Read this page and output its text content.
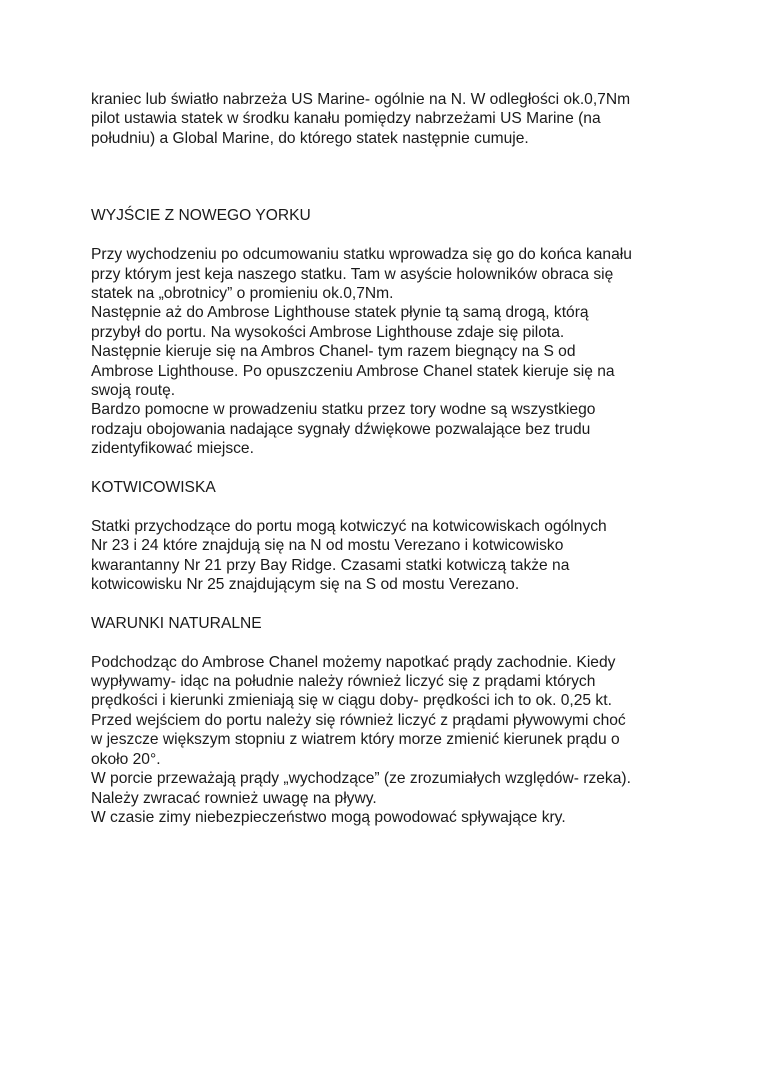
kraniec lub światło nabrzeża US Marine- ogólnie na N. W odległości ok.0,7Nm
pilot ustawia statek w środku kanału pomiędzy nabrzeżami US Marine (na
południu) a Global Marine, do którego statek następnie cumuje.
WYJŚCIE Z NOWEGO YORKU
Przy wychodzeniu po odcumowaniu statku wprowadza się go do końca kanału
przy którym jest keja naszego statku. Tam w asyście holowników obraca się
statek na „obrotnicy” o promieniu ok.0,7Nm.
Następnie aż do Ambrose Lighthouse statek płynie tą samą drogą, którą
przybył do portu. Na wysokości Ambrose Lighthouse zdaje się pilota.
Następnie kieruje się na Ambros Chanel- tym razem biegnący na S od
Ambrose Lighthouse. Po opuszczeniu Ambrose Chanel statek kieruje się na
swoją routę.
Bardzo pomocne w prowadzeniu statku przez tory wodne są wszystkiego
rodzaju obojowania nadające sygnały dźwiękowe pozwalające bez trudu
zidentyfikować miejsce.
KOTWICOWISKA
Statki przychodzące do portu mogą kotwiczyć na kotwicowiskach ogólnych
Nr 23 i 24 które znajdują się na N od mostu Verezano i kotwicowisko
kwarantanny Nr 21 przy Bay Ridge. Czasami statki kotwiczą także na
kotwicowisku Nr 25 znajdującym się na S od mostu Verezano.
WARUNKI NATURALNE
Podchodząc do Ambrose Chanel możemy napotkać prądy zachodnie. Kiedy
wypływamy- idąc na południe należy również liczyć się z prądami których
prędkości i kierunki zmieniają się w ciągu doby- prędkości ich to ok. 0,25 kt.
Przed wejściem do portu należy się również liczyć z prądami pływowymi choć
w jeszcze większym stopniu z wiatrem który morze zmienić kierunek prądu o
około 20°.
W porcie przeważają prądy „wychodzące” (ze zrozumiałych względów- rzeka).
Należy zwracać rownież uwagę na pływy.
W czasie zimy niebezpieczeństwo mogą powodować spływające kry.
